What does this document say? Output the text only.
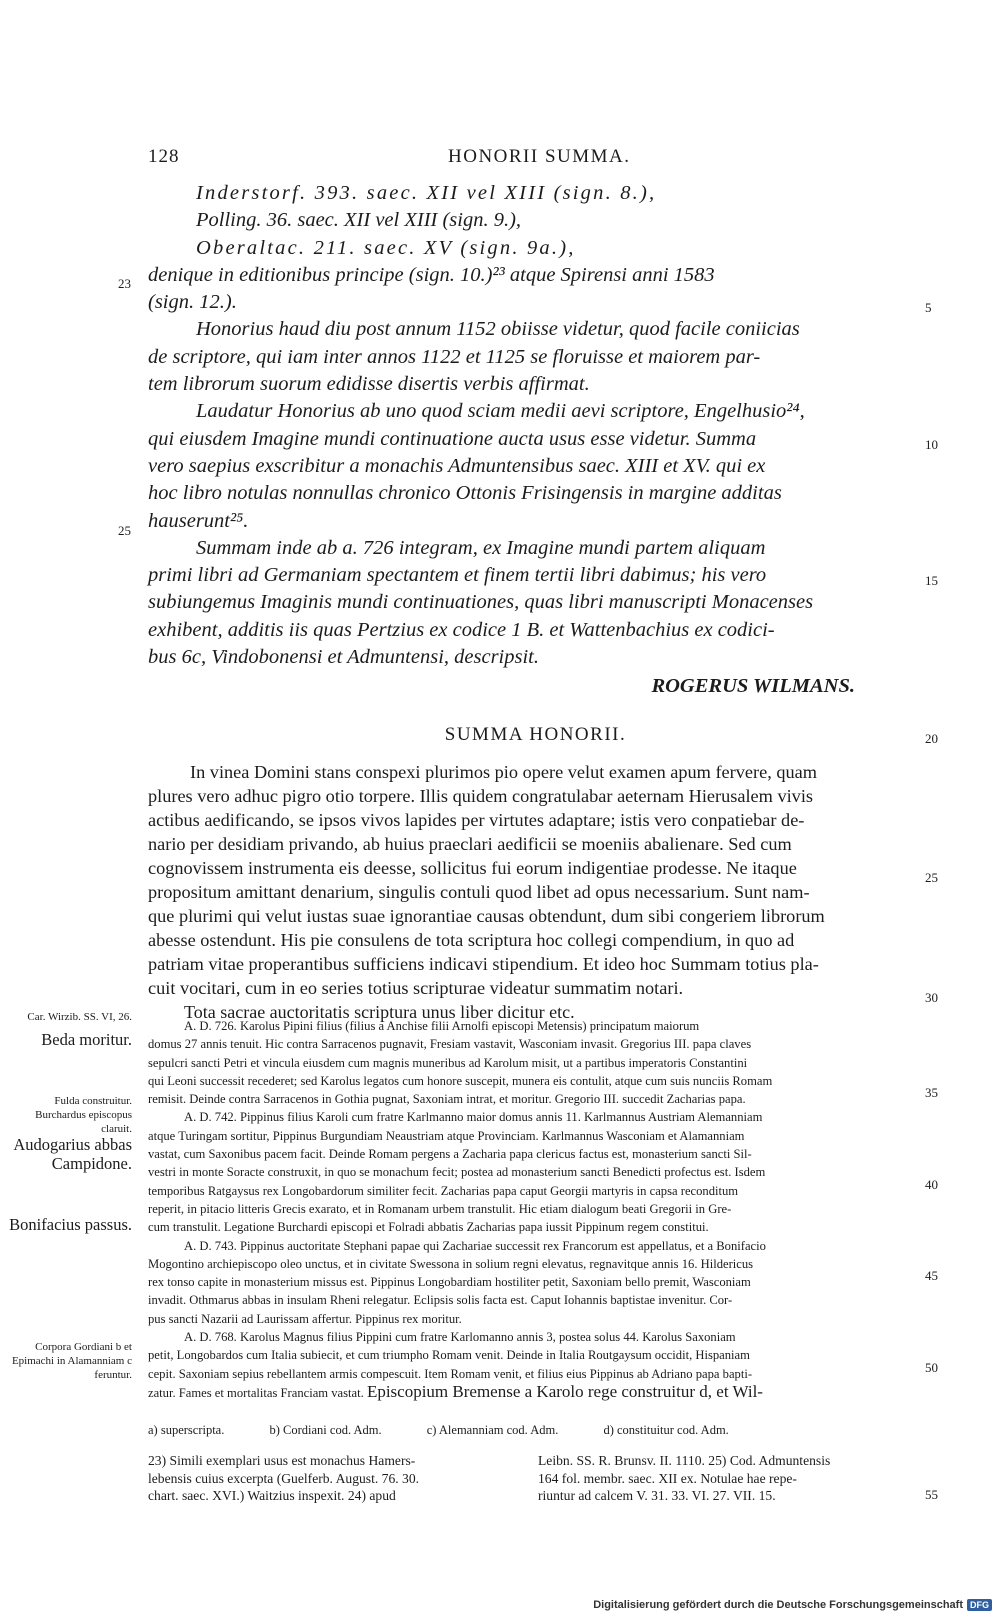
128	HONORII SUMMA.

Inderstorf. 393. saec. XII vel XIII (sign. 8.),

Polling. 36. saec. XII vel XIII (sign. 9.),

Oberaltac. 211. saec. XV (sign. 9a.),

denique in editionibus principe (sign. 10.)²³ atque Spirensi anni 1583

(sign. 12.).

Honorius haud diu post annum 1152 obiisse videtur, quod facile coniicias

de scriptore, qui iam inter annos 1122 et 1125 se floruisse et maiorem par-

tem librorum suorum edidisse disertis verbis affirmat.

Laudatur Honorius ab uno quod sciam medii aevi scriptore, Engelhusio²⁴,

qui eiusdem Imagine mundi continuatione aucta usus esse videtur. Summa

vero saepius exscribitur a monachis Admuntensibus saec. XIII et XV. qui ex

hoc libro notulas nonnullas chronico Ottonis Frisingensis in margine additas

hauserunt²⁵.

Summam inde ab a. 726 integram, ex Imagine mundi partem aliquam

primi libri ad Germaniam spectantem et finem tertii libri dabimus; his vero

subiungemus Imaginis mundi continuationes, quas libri manuscripti Monacenses

exhibent, additis iis quas Pertzius ex codice 1 B. et Wattenbachius ex codici-

bus 6c, Vindobonensi et Admuntensi, descripsit.

ROGERUS WILMANS.

SUMMA HONORII.

In vinea Domini stans conspexi plurimos pio opere velut examen apum fervere, quam

plures vero adhuc pigro otio torpere. Illis quidem congratulabar aeternam Hierusalem vivis

actibus aedificando, se ipsos vivos lapides per virtutes adaptare; istis vero conpatiebar de-

nario per desidiam privando, ab huius praeclari aedificii se moeniis abalienare. Sed cum

cognovissem instrumenta eis deesse, sollicitus fui eorum indigentiae prodesse. Ne itaque

propositum amittant denarium, singulis contuli quod libet ad opus necessarium. Sunt nam-

que plurimi qui velut iustas suae ignorantiae causas obtendunt, dum sibi congeriem librorum

abesse ostendunt. His pie consulens de tota scriptura hoc collegi compendium, in quo ad

patriam vitae properantibus sufficiens indicavi stipendium. Et ideo hoc Summam totius pla-

cuit vocitari, cum in eo series totius scripturae videatur summatim notari.

Tota sacrae auctoritatis scriptura unus liber dicitur etc.

A. D. 726. Karolus Pipini filius (filius a Anchise filii Arnolfi episcopi Metensis) principatum maiorum

domus 27 annis tenuit. Hic contra Sarracenos pugnavit, Fresiam vastavit, Wasconiam invasit. Gregorius III. papa claves

sepulcri sancti Petri et vincula eiusdem cum magnis muneribus ad Karolum misit, ut a partibus imperatoris Constantini

qui Leoni successit recederet; sed Karolus legatos cum honore suscepit, munera eis contulit, atque cum suis nunciis Romam

remisit. Deinde contra Sarracenos in Gothia pugnat, Saxoniam intrat, et moritur. Gregorio III. succedit Zacharias papa.

A. D. 742. Pippinus filius Karoli cum fratre Karlmanno maior domus annis 11. Karlmannus Austriam Alemanniam

atque Turingam sortitur, Pippinus Burgundiam Neaustriam atque Provinciam. Karlmannus Wasconiam et Alamanniam

vastat, cum Saxonibus pacem facit. Deinde Romam pergens a Zacharia papa clericus factus est, monasterium sancti Sil-

vestri in monte Soracte construxit, in quo se monachum fecit; postea ad monasterium sancti Benedicti profectus est. Isdem

temporibus Ratgaysus rex Longobardorum similiter fecit. Zacharias papa caput Georgii martyris in capsa reconditum

reperit, in pitacio litteris Grecis exarato, et in Romanam urbem transtulit. Hic etiam dialogum beati Gregorii in Gre-

cum transtulit. Legatione Burchardi episcopi et Folradi abbatis Zacharias papa iussit Pippinum regem constitui.

A. D. 743. Pippinus auctoritate Stephani papae qui Zachariae successit rex Francorum est appellatus, et a Bonifacio

Mogontino archiepiscopo oleo unctus, et in civitate Swessona in solium regni elevatus, regnavitque annis 16. Hildericus

rex tonso capite in monasterium missus est. Pippinus Longobardiam hostiliter petit, Saxoniam bello premit, Wasconiam

invadit. Othmarus abbas in insulam Rheni relegatur. Eclipsis solis facta est. Caput Iohannis baptistae invenitur. Cor-

pus sancti Nazarii ad Laurissam affertur. Pippinus rex moritur.

A. D. 768. Karolus Magnus filius Pippini cum fratre Karlomanno annis 3, postea solus 44. Karolus Saxoniam

petit, Longobardos cum Italia subiecit, et cum triumpho Romam venit. Deinde in Italia Routgaysum occidit, Hispaniam

cepit. Saxoniam sepius rebellantem armis compescuit. Item Romam venit, et filius eius Pippinus ab Adriano papa bapti-

zatur. Fames et mortalitas Franciam vastat. Episcopium Bremense a Karolo rege construitur d, et Wil-
Car. Wirzib. SS. VI, 26.
Beda moritur.
Fulda construitur. Burchardus episcopus claruit.
Audogarius abbas Campidone.
Bonifacius passus.
Corpora Gordiani b et Epimachi in Alamanniam c feruntur.
5
10
15
20
25
30
35
40
45
50
55
23
25
a) superscripta.	b) Cordiani cod. Adm.	c) Alemanniam cod. Adm.	d) constituitur cod. Adm.

23) Simili exemplari usus est monachus Hamers-

lebensis cuius excerpta (Guelferb. August. 76. 30.

chart. saec. XVI.) Waitzius inspexit. 24) apud

Leibn. SS. R. Brunsv. II. 1110. 25) Cod. Admuntensis

164 fol. membr. saec. XII ex. Notulae hae repe-

riuntur ad calcem V. 31. 33. VI. 27. VII. 15.

Digitalisierung gefördert durch die Deutsche Forschungsgemeinschaft DFG
